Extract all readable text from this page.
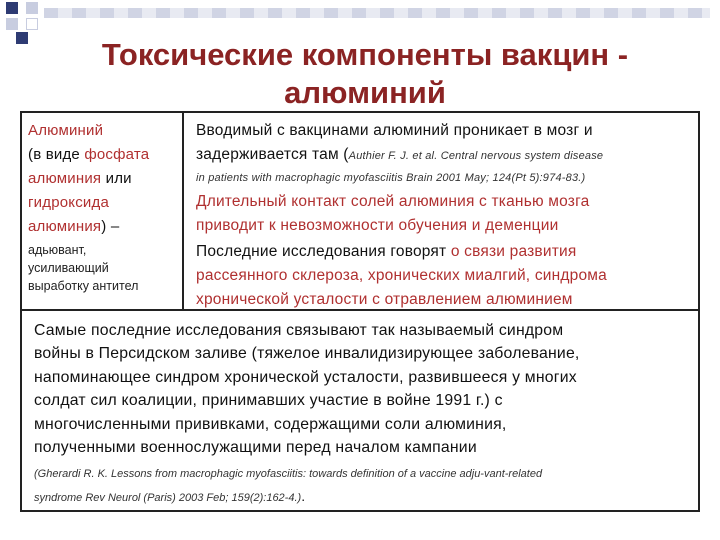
Токсические компоненты вакцин -
алюминий
Алюминий
(в виде фосфата
алюминия или
гидроксида
алюминия) –
адьювант,
усиливающий
выработку антител
Вводимый с вакцинами алюминий проникает в мозг и
задерживается там (Authier F. J. et al. Central nervous system disease
in patients with macrophagic myofasciitis Brain 2001 May; 124(Pt 5):974-83.)
Длительный контакт солей алюминия с тканью мозга
приводит к невозможности обучения и деменции
Последние исследования говорят о связи развития
рассеянного склероза, хронических миалгий, синдрома
хронической усталости с отравлением алюминием
Самые последние исследования связывают так называемый синдром
войны в Персидском заливе (тяжелое инвалидизирующее заболевание,
напоминающее синдром хронической усталости, развившееся у многих
солдат сил коалиции, принимавших участие в войне 1991 г.) с
многочисленными прививками, содержащими соли алюминия,
полученными военнослужащими перед началом кампании
(Gherardi R. K. Lessons from macrophagic myofasciitis: towards definition of a vaccine adju-vant-related
syndrome Rev Neurol (Paris) 2003 Feb; 159(2):162-4.).
